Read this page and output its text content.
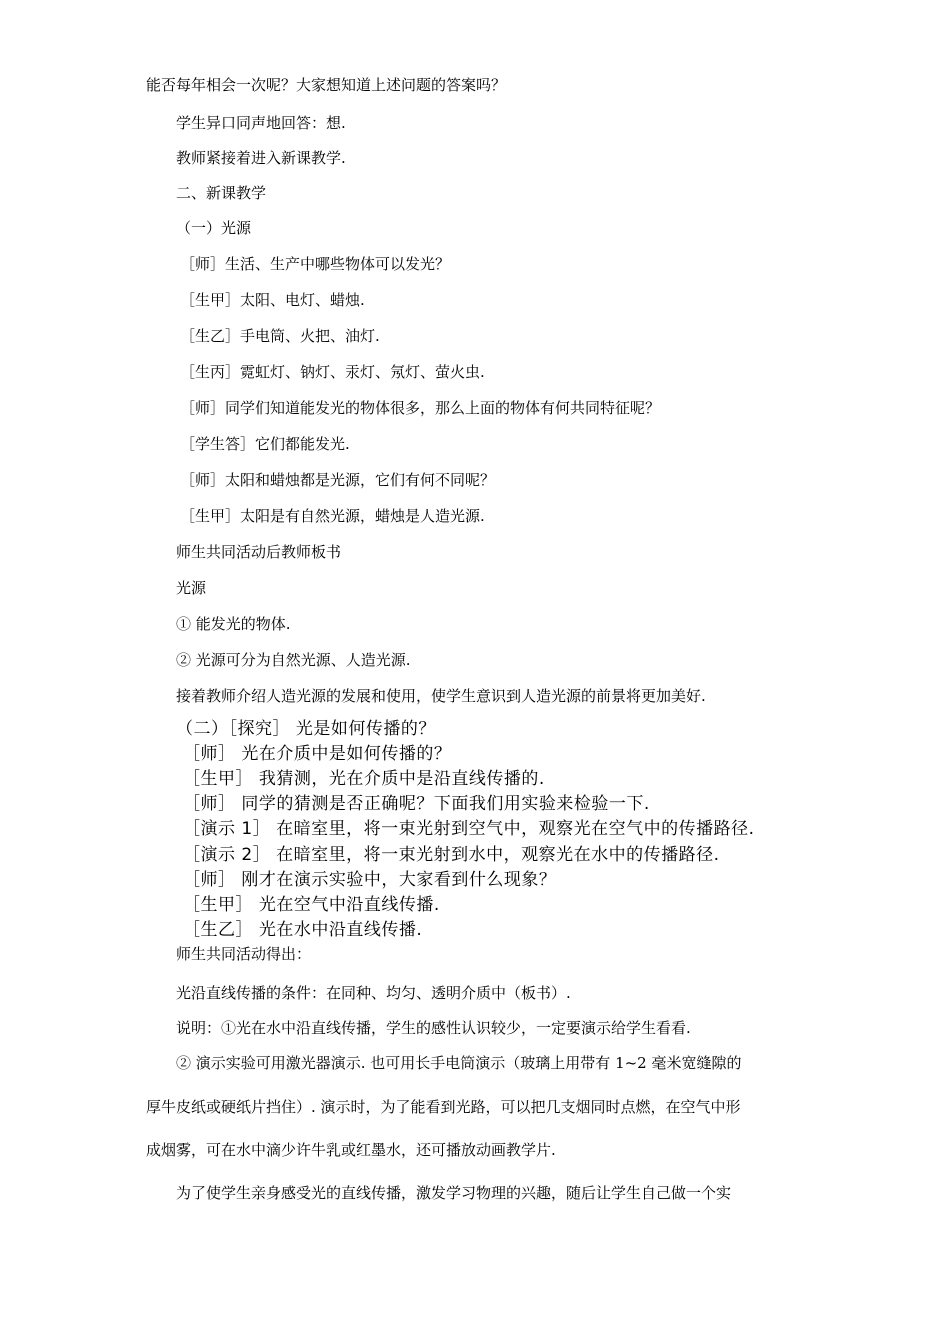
能否每年相会一次呢？大家想知道上述问题的答案吗？
学生异口同声地回答：想.
教师紧接着进入新课教学.
二、新课教学
（一）光源
［师］生活、生产中哪些物体可以发光？
［生甲］太阳、电灯、蜡烛.
［生乙］手电筒、火把、油灯.
［生丙］霓虹灯、钠灯、汞灯、氖灯、萤火虫.
［师］同学们知道能发光的物体很多，那么上面的物体有何共同特征呢？
［学生答］它们都能发光.
［师］太阳和蜡烛都是光源，它们有何不同呢？
［生甲］太阳是有自然光源，蜡烛是人造光源.
师生共同活动后教师板书
光源
① 能发光的物体.
② 光源可分为自然光源、人造光源.
接着教师介绍人造光源的发展和使用，使学生意识到人造光源的前景将更加美好.
（二）［探究］ 光是如何传播的？
［师］ 光在介质中是如何传播的？
［生甲］ 我猜测，光在介质中是沿直线传播的.
［师］ 同学的猜测是否正确呢？下面我们用实验来检验一下.
［演示 1］ 在暗室里，将一束光射到空气中，观察光在空气中的传播路径.
［演示 2］ 在暗室里，将一束光射到水中，观察光在水中的传播路径.
［师］ 刚才在演示实验中，大家看到什么现象？
［生甲］ 光在空气中沿直线传播.
［生乙］ 光在水中沿直线传播.
师生共同活动得出：
光沿直线传播的条件：在同种、均匀、透明介质中（板书）.
说明：①光在水中沿直线传播，学生的感性认识较少，一定要演示给学生看看.
② 演示实验可用激光器演示. 也可用长手电筒演示（玻璃上用带有 1~2 毫米宽缝隙的
厚牛皮纸或硬纸片挡住）. 演示时，为了能看到光路，可以把几支烟同时点燃，在空气中形
成烟雾，可在水中滴少许牛乳或红墨水，还可播放动画教学片.
为了使学生亲身感受光的直线传播，激发学习物理的兴趣，随后让学生自己做一个实
